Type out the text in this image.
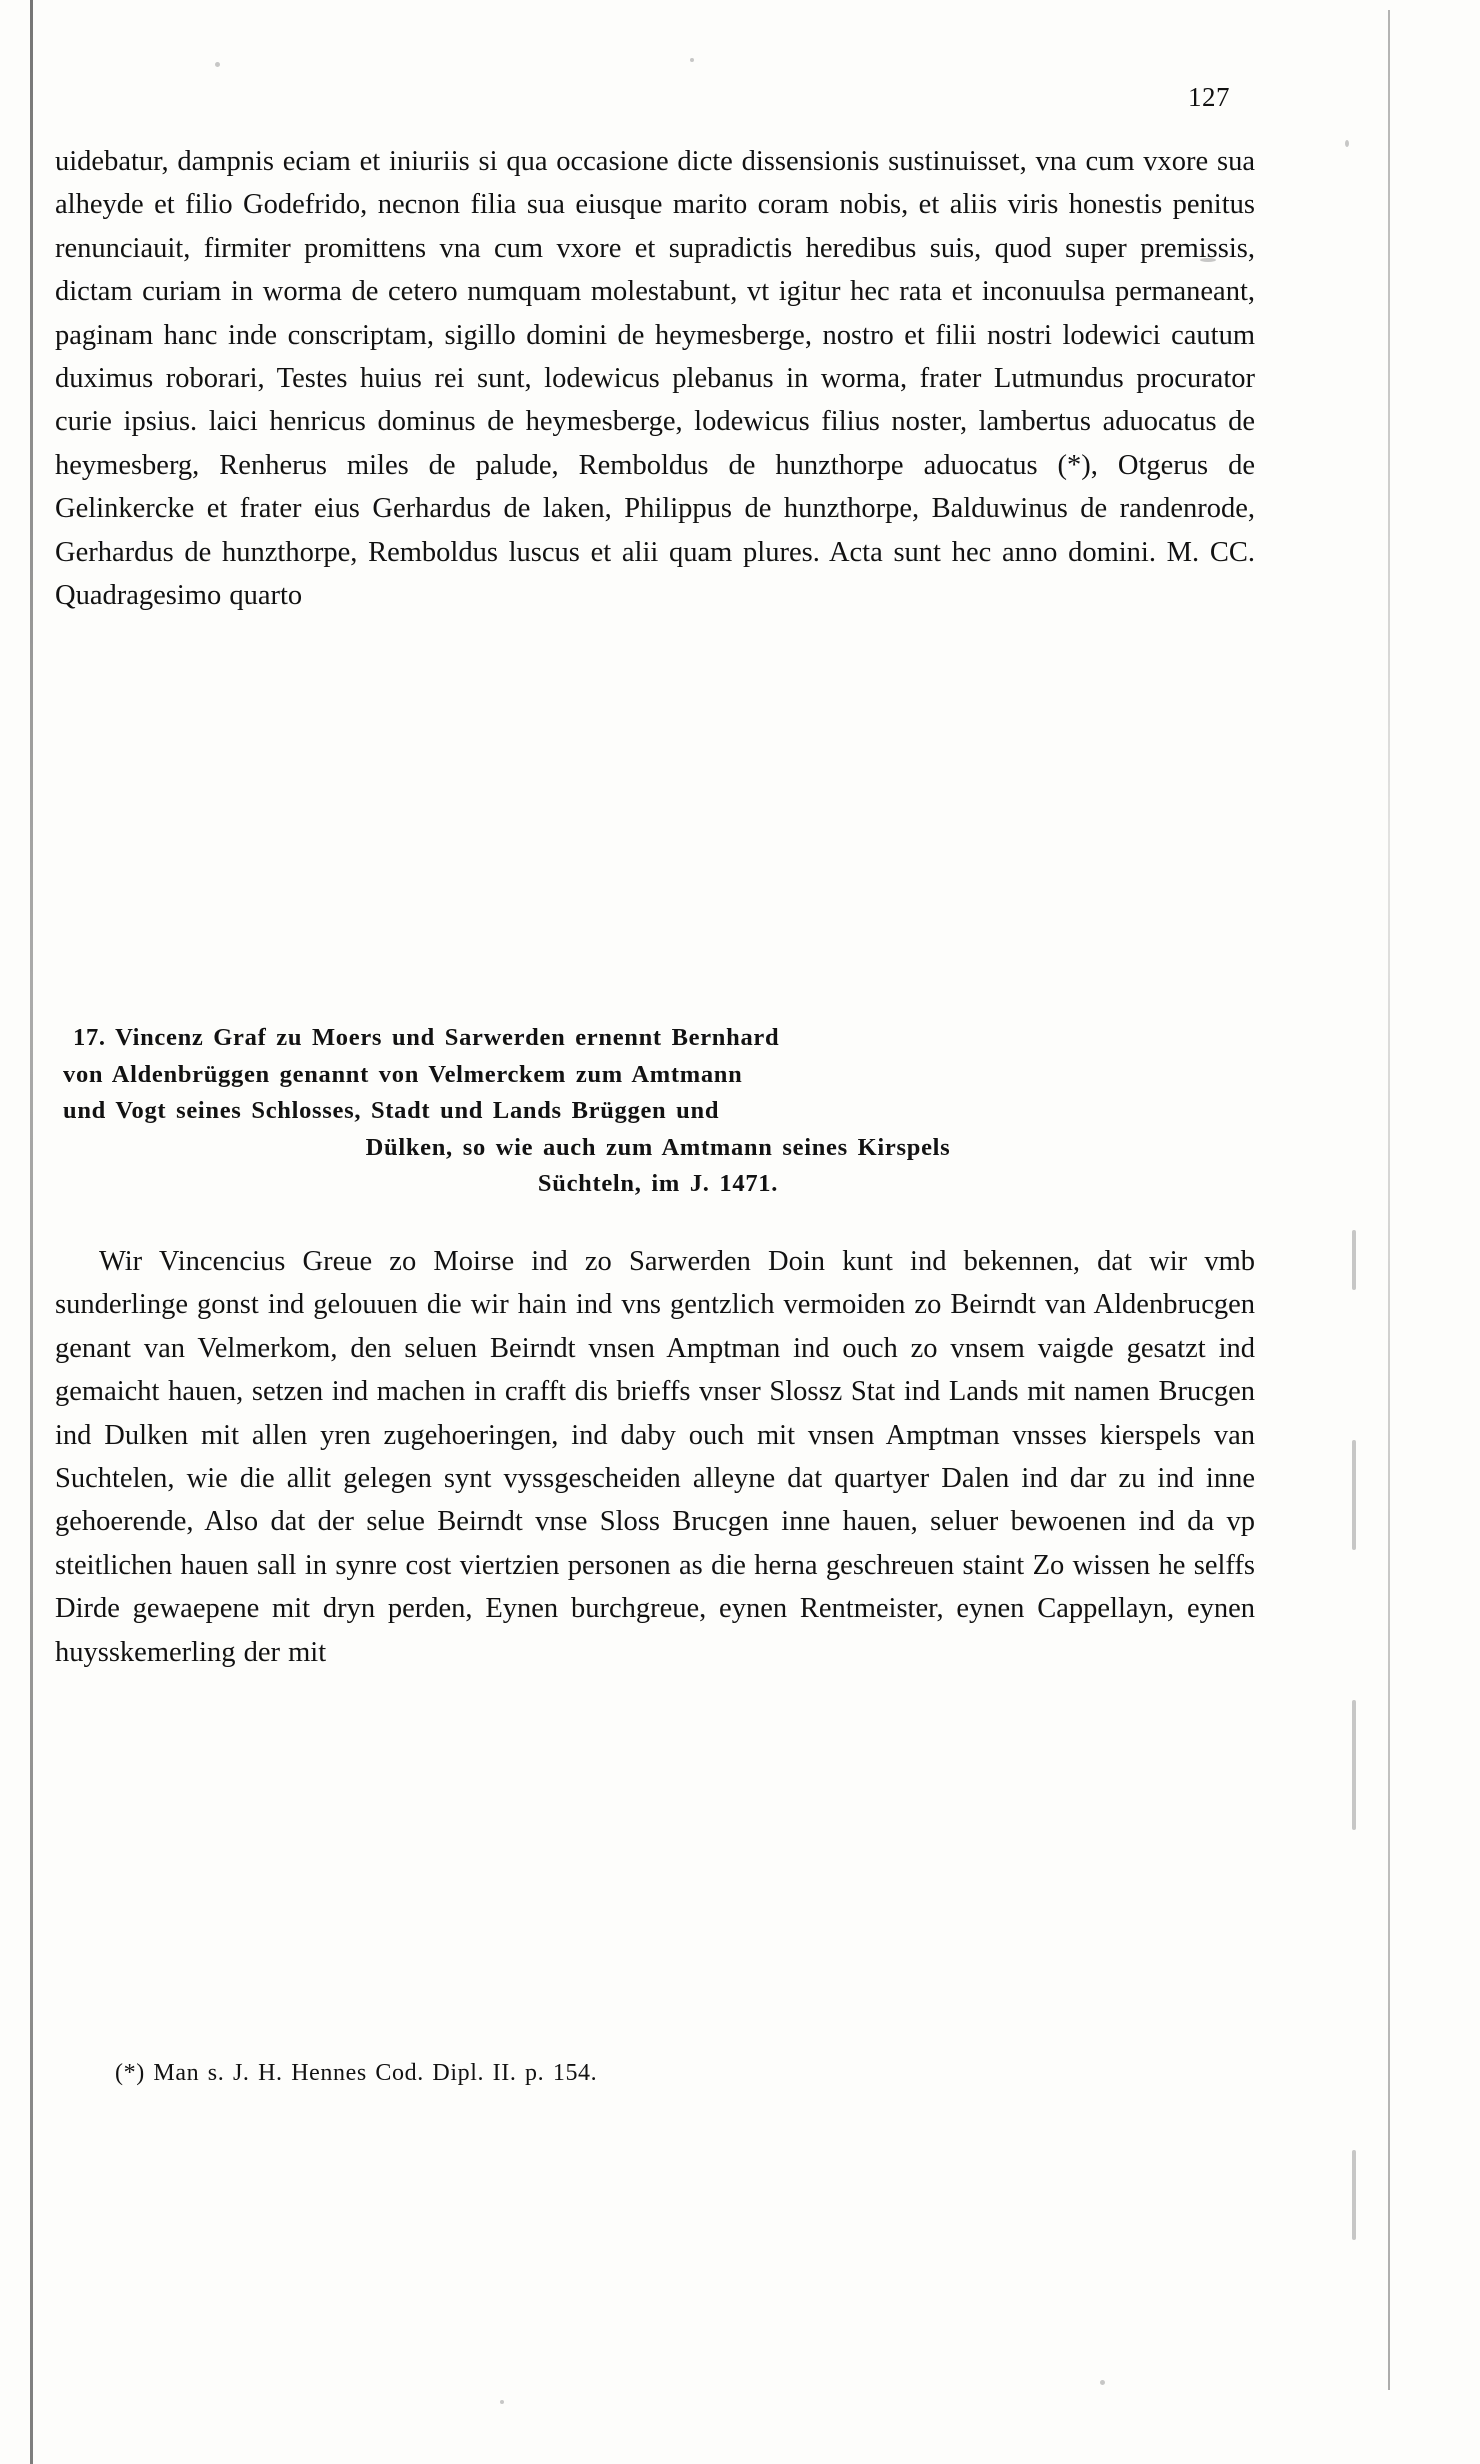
127

uidebatur, dampnis eciam et iniuriis si qua occasione dicte dissensionis sustinuisset, vna cum vxore sua alheyde et filio Godefrido, necnon filia sua eiusque marito coram nobis, et aliis viris honestis penitus renunciauit, firmiter promittens vna cum vxore et supradictis heredibus suis, quod super premissis, dictam curiam in worma de cetero numquam molestabunt, vt igitur hec rata et inconuulsa permaneant, paginam hanc inde conscriptam, sigillo domini de heymesberge, nostro et filii nostri lodewici cautum duximus roborari, Testes huius rei sunt, lodewicus plebanus in worma, frater Lutmundus procurator curie ipsius. laici henricus dominus de heymesberge, lodewicus filius noster, lambertus aduocatus de heymesberg, Renherus miles de palude, Remboldus de hunzthorpe aduocatus (*), Otgerus de Gelinkercke et frater eius Gerhardus de laken, Philippus de hunzthorpe, Balduwinus de randenrode, Gerhardus de hunzthorpe, Remboldus luscus et alii quam plures. Acta sunt hec anno domini. M. CC. Quadragesimo quarto

17. Vincenz Graf zu Moers und Sarwerden ernennt Bernhard
von Aldenbrüggen genannt von Velmerckem zum Amtmann
und Vogt seines Schlosses, Stadt und Lands Brüggen und
Dülken, so wie auch zum Amtmann seines Kirspels
Süchteln, im J. 1471.

Wir Vincencius Greue zo Moirse ind zo Sarwerden Doin kunt ind bekennen, dat wir vmb sunderlinge gonst ind gelouuen die wir hain ind vns gentzlich vermoiden zo Beirndt van Aldenbrucgen genant van Velmerkom, den seluen Beirndt vnsen Amptman ind ouch zo vnsem vaigde gesatzt ind gemaicht hauen, setzen ind machen in crafft dis brieffs vnser Slossz Stat ind Lands mit namen Brucgen ind Dulken mit allen yren zugehoeringen, ind daby ouch mit vnsen Amptman vnsses kierspels van Suchtelen, wie die allit gelegen synt vyssgescheiden alleyne dat quartyer Dalen ind dar zu ind inne gehoerende, Also dat der selue Beirndt vnse Sloss Brucgen inne hauen, seluer bewoenen ind da vp steitlichen hauen sall in synre cost viertzien personen as die herna geschreuen staint Zo wissen he selffs Dirde gewaepene mit dryn perden, Eynen burchgreue, eynen Rentmeister, eynen Cappellayn, eynen huysskemerling der mit

(*) Man s. J. H. Hennes Cod. Dipl. II. p. 154.
